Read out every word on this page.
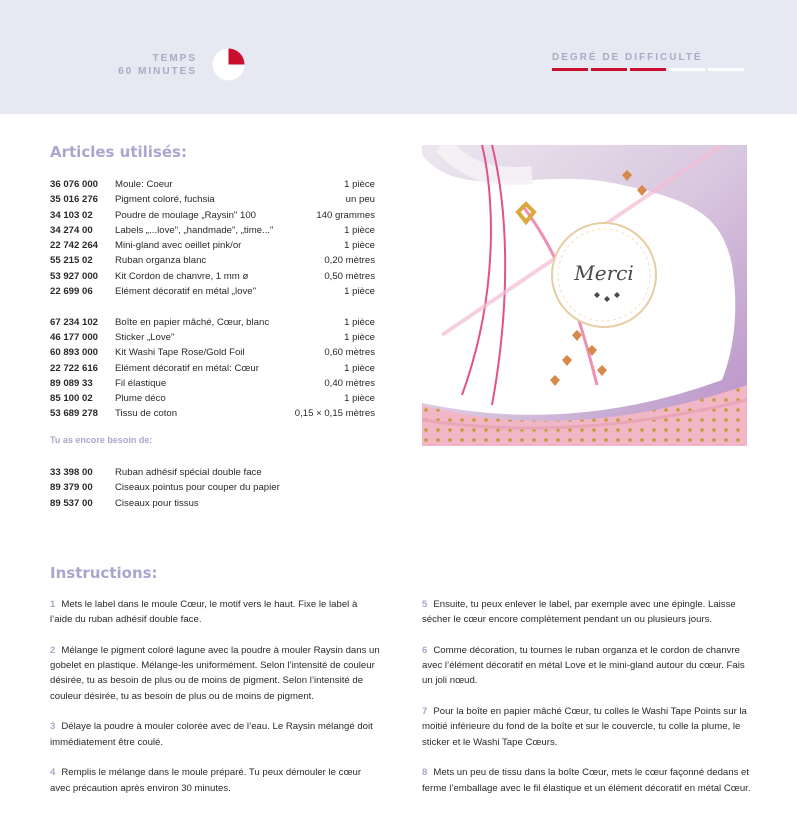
TEMPS
60 MINUTES
DEGRÉ DE DIFFICULTÉ
Articles utilisés:
36 076 000	Moule: Coeur	1 pièce
35 016 276	Pigment coloré, fuchsia	un peu
34 103 02	Poudre de moulage „Raysin" 100	140 grammes
34 274 00	Labels „...love", „handmade", „time..."	1 pièce
22 742 264	Mini-gland avec oeillet pink/or	1 pièce
55 215 02	Ruban organza blanc	0,20 mètres
53 927 000	Kit Cordon de chanvre, 1 mm ø	0,50 mètres
22 699 06	Elément décoratif en métal „love"	1 pièce
67 234 102	Boîte en papier mâché, Cœur, blanc	1 pièce
46 177 000	Sticker „Love"	1 pièce
60 893 000	Kit Washi Tape Rose/Gold Foil	0,60 mètres
22 722 616	Elément décoratif en métal: Cœur	1 pièce
89 089 33	Fil élastique	0,40 mètres
85 100 02	Plume déco	1 pièce
53 689 278	Tissu de coton	0,15 × 0,15 mètres
Tu as encore besoin de:
33 398 00	Ruban adhésif spécial double face
89 379 00	Ciseaux pointus pour couper du papier
89 537 00	Ciseaux pour tissus
Merci
Instructions:
1 Mets le label dans le moule Cœur, le motif vers le haut. Fixe le label à l’aide du ruban adhésif double face.
2 Mélange le pigment coloré lagune avec la poudre à mouler Raysin dans un gobelet en plastique. Mélange-les uniformément. Selon l’intensité de couleur désirée, tu as besoin de plus ou de moins de pigment. Selon l’intensité de couleur désirée, tu as besoin de plus ou de moins de pigment.
3 Délaye la poudre à mouler colorée avec de l’eau. Le Raysin mélangé doit immédiatement être coulé.
4 Remplis le mélange dans le moule préparé. Tu peux démouler le cœur avec précaution après environ 30 minutes.
5 Ensuite, tu peux enlever le label, par exemple avec une épingle. Laisse sécher le cœur encore complètement pendant un ou plusieurs jours.
6 Comme décoration, tu tournes le ruban organza et le cordon de chanvre avec l’élément décoratif en métal Love et le mini-gland autour du cœur. Fais un joli nœud.
7 Pour la boîte en papier mâché Cœur, tu colles le Washi Tape Points sur la moitié inférieure du fond de la boîte et sur le couvercle, tu colle la plume, le sticker et le Washi Tape Cœurs.
8 Mets un peu de tissu dans la boîte Cœur, mets le cœur façonné dedans et ferme l’emballage avec le fil élastique et un élément décoratif en métal Cœur.
